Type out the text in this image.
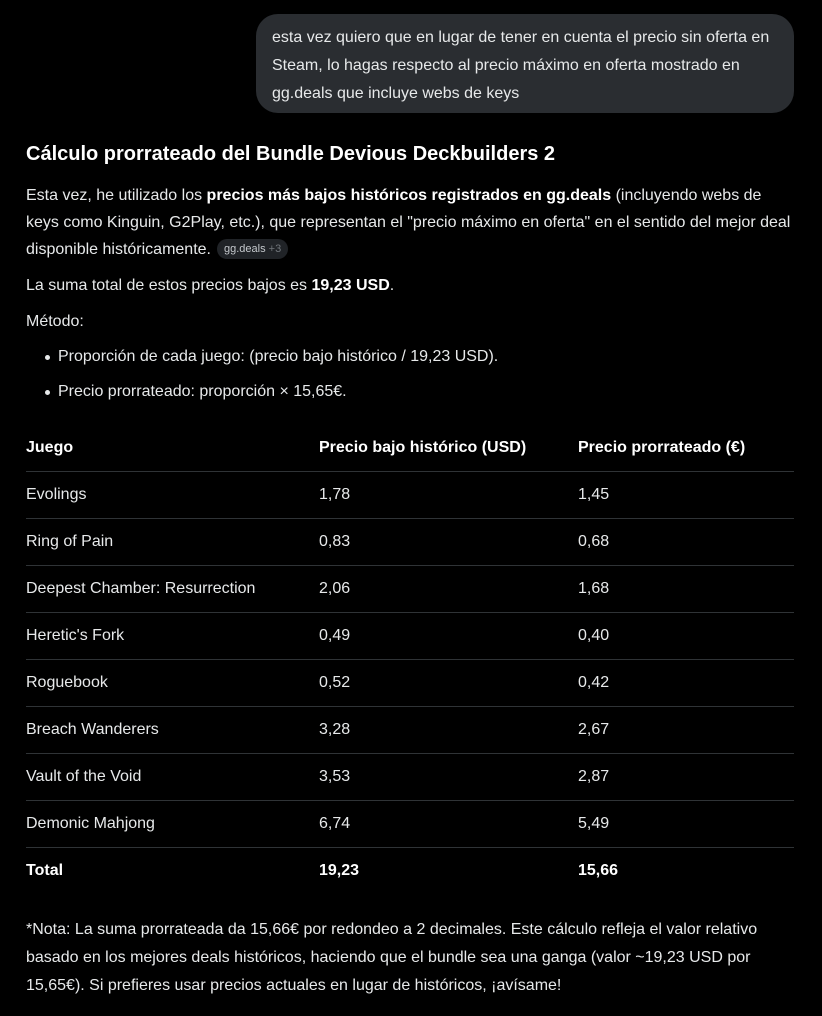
esta vez quiero que en lugar de tener en cuenta el precio sin oferta en Steam, lo hagas respecto al precio máximo en oferta mostrado en gg.deals que incluye webs de keys
Cálculo prorrateado del Bundle Devious Deckbuilders 2

Esta vez, he utilizado los precios más bajos históricos registrados en gg.deals (incluyendo webs de keys como Kinguin, G2Play, etc.), que representan el "precio máximo en oferta" en el sentido del mejor deal disponible históricamente. gg.deals +3

La suma total de estos precios bajos es 19,23 USD.

Método:

Proporción de cada juego: (precio bajo histórico / 19,23 USD).
Precio prorrateado: proporción × 15,65€.
Juego	Precio bajo histórico (USD)	Precio prorrateado (€)
Evolings	1,78	1,45
Ring of Pain	0,83	0,68
Deepest Chamber: Resurrection	2,06	1,68
Heretic's Fork	0,49	0,40
Roguebook	0,52	0,42
Breach Wanderers	3,28	2,67
Vault of the Void	3,53	2,87
Demonic Mahjong	6,74	5,49
Total	19,23	15,66

*Nota: La suma prorrateada da 15,66€ por redondeo a 2 decimales. Este cálculo refleja el valor relativo basado en los mejores deals históricos, haciendo que el bundle sea una ganga (valor ~19,23 USD por 15,65€). Si prefieres usar precios actuales en lugar de históricos, ¡avísame!
